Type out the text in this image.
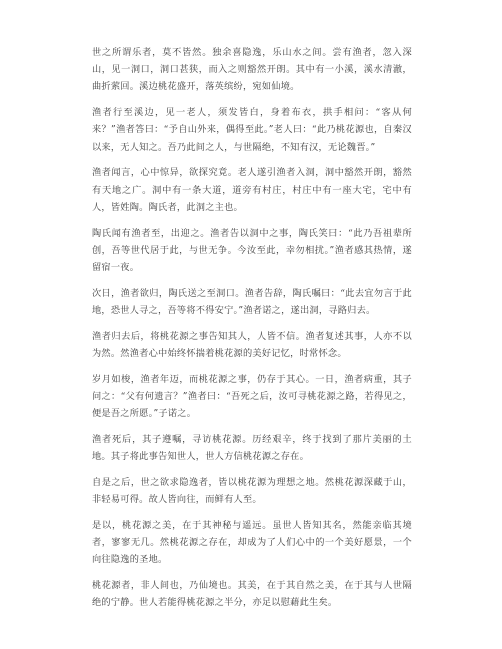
世之所谓乐者，莫不皆然。独余喜隐逸，乐山水之间。尝有渔者，忽入深山，见一洞口，洞口甚狭，而入之则豁然开朗。其中有一小溪，溪水清澈，曲折萦回。溪边桃花盛开，落英缤纷，宛如仙境。

渔者行至溪边，见一老人，须发皆白，身着布衣，拱手相问：“客从何来？”渔者答曰：“予自山外来，偶得至此。”老人曰：“此乃桃花源也，自秦汉以来，无人知之。吾乃此间之人，与世隔绝，不知有汉，无论魏晋。”

渔者闻言，心中惊异，欲探究竟。老人遂引渔者入洞，洞中豁然开朗，豁然有天地之广。洞中有一条大道，道旁有村庄，村庄中有一座大宅，宅中有人，皆姓陶。陶氏者，此洞之主也。

陶氏闻有渔者至，出迎之。渔者告以洞中之事，陶氏笑曰：“此乃吾祖辈所创，吾等世代居于此，与世无争。今汝至此，幸勿相扰。”渔者感其热情，遂留宿一夜。

次日，渔者欲归，陶氏送之至洞口。渔者告辞，陶氏嘱曰：“此去宜勿言于此地，恐世人寻之，吾等将不得安宁。”渔者诺之，遂出洞，寻路归去。

渔者归去后，将桃花源之事告知其人，人皆不信。渔者复述其事，人亦不以为然。然渔者心中始终怀揣着桃花源的美好记忆，时常怀念。

岁月如梭，渔者年迈，而桃花源之事，仍存于其心。一日，渔者病重，其子问之：“父有何遗言？”渔者曰：“吾死之后，汝可寻桃花源之路，若得见之，便是吾之所愿。”子诺之。

渔者死后，其子遵嘱，寻访桃花源。历经艰辛，终于找到了那片美丽的土地。其子将此事告知世人，世人方信桃花源之存在。

自是之后，世之欲求隐逸者，皆以桃花源为理想之地。然桃花源深藏于山，非轻易可得。故人皆向往，而鲜有人至。

是以，桃花源之美，在于其神秘与遥远。虽世人皆知其名，然能亲临其境者，寥寥无几。然桃花源之存在，却成为了人们心中的一个美好愿景，一个向往隐逸的圣地。

桃花源者，非人间也，乃仙境也。其美，在于其自然之美，在于其与人世隔绝的宁静。世人若能得桃花源之半分，亦足以慰藉此生矣。
